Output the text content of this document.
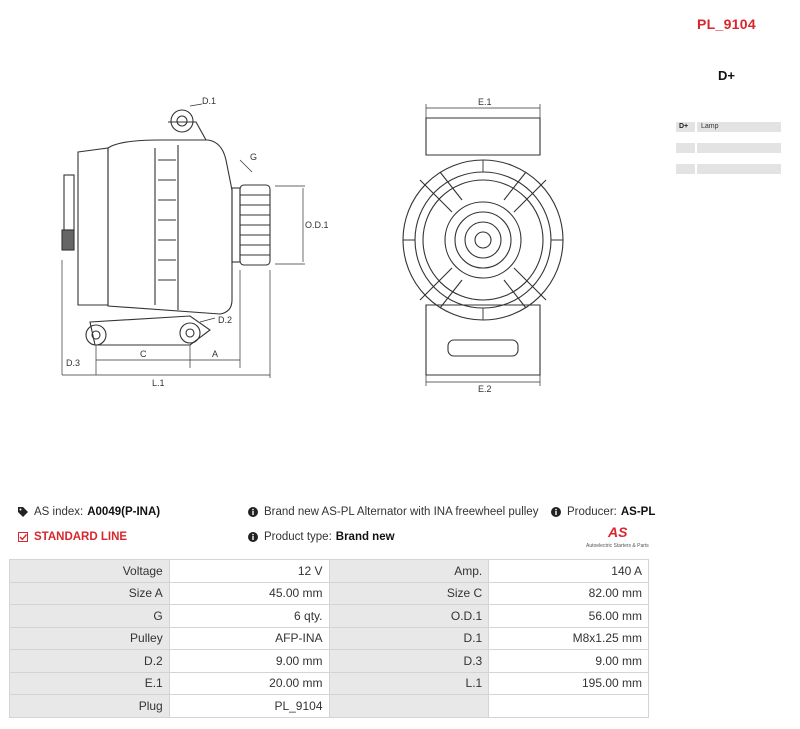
PL_9104
D+
D+	Lamp
D.1
G
O.D.1
D.2
D.3
C	A
L.1
E.1
E.2
AS index: A0049(P-INA)
STANDARD LINE
Brand new AS-PL Alternator with INA freewheel pulley
Product type: Brand new
Producer: AS-PL
AS
Autoelectric Starters & Parts
Voltage	12 V	Amp.	140 A
Size A	45.00 mm	Size C	82.00 mm
G	6 qty.	O.D.1	56.00 mm
Pulley	AFP-INA	D.1	M8x1.25 mm
D.2	9.00 mm	D.3	9.00 mm
E.1	20.00 mm	L.1	195.00 mm
Plug	PL_9104		
